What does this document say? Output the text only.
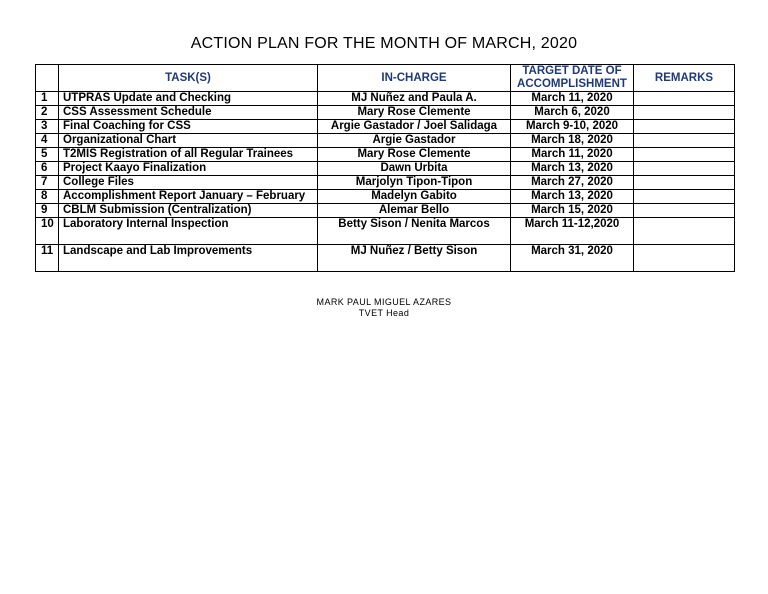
ACTION PLAN FOR THE MONTH OF MARCH, 2020
	TASK(S)	IN-CHARGE	TARGET DATE OF ACCOMPLISHMENT	REMARKS
1	UTPRAS Update and Checking	MJ Nuñez and Paula A.	March 11, 2020	
2	CSS Assessment Schedule	Mary Rose Clemente	March 6, 2020	
3	Final Coaching for CSS	Argie Gastador / Joel Salidaga	March 9-10, 2020	
4	Organizational Chart	Argie Gastador	March 18, 2020	
5	T2MIS Registration of all Regular Trainees	Mary Rose Clemente	March 11, 2020	
6	Project Kaayo Finalization	Dawn Urbita	March 13, 2020	
7	College Files	Marjolyn Tipon-Tipon	March 27, 2020	
8	Accomplishment Report January – February	Madelyn Gabito	March 13, 2020	
9	CBLM Submission (Centralization)	Alemar Bello	March 15, 2020	
10	Laboratory Internal Inspection	Betty Sison / Nenita Marcos	March 11-12,2020	
11	Landscape and Lab Improvements	MJ Nuñez / Betty Sison	March 31, 2020	
MARK PAUL MIGUEL AZARES
TVET Head
